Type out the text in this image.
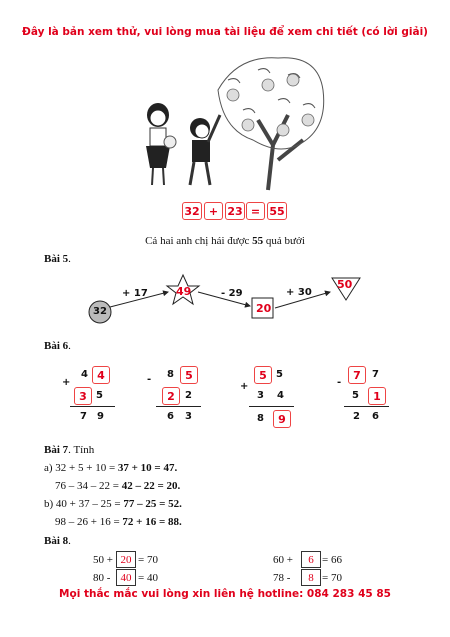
Đây là bản xem thử, vui lòng mua tài liệu để xem chi tiết (có lời giải)
32 + 23 = 55
Cả hai anh chị hái được 55 quả bưởi
Bài 5.
32
+ 17	49	- 29
20
+ 30
50
Bài 6.
+
4 4
3 5
7 9
- 8	5
2	2
6 3
+
5 5
3 4
8	9
-
7	7
5	1
2 6
Bài 7. Tính
a) 32 + 5 + 10 = 37 + 10 = 47.
76 – 34 – 22 = 42 – 22 = 20.
b) 40 + 37 – 25 = 77 – 25 = 52.
98 – 26 + 16 = 72 + 16 = 88.
Bài 8.
50 + 20 = 70	60 +	6 = 66
80 - 40 = 40	78 -	8 = 70
Mọi thắc mắc vui lòng xin liên hệ hotline: 084 283 45 85
